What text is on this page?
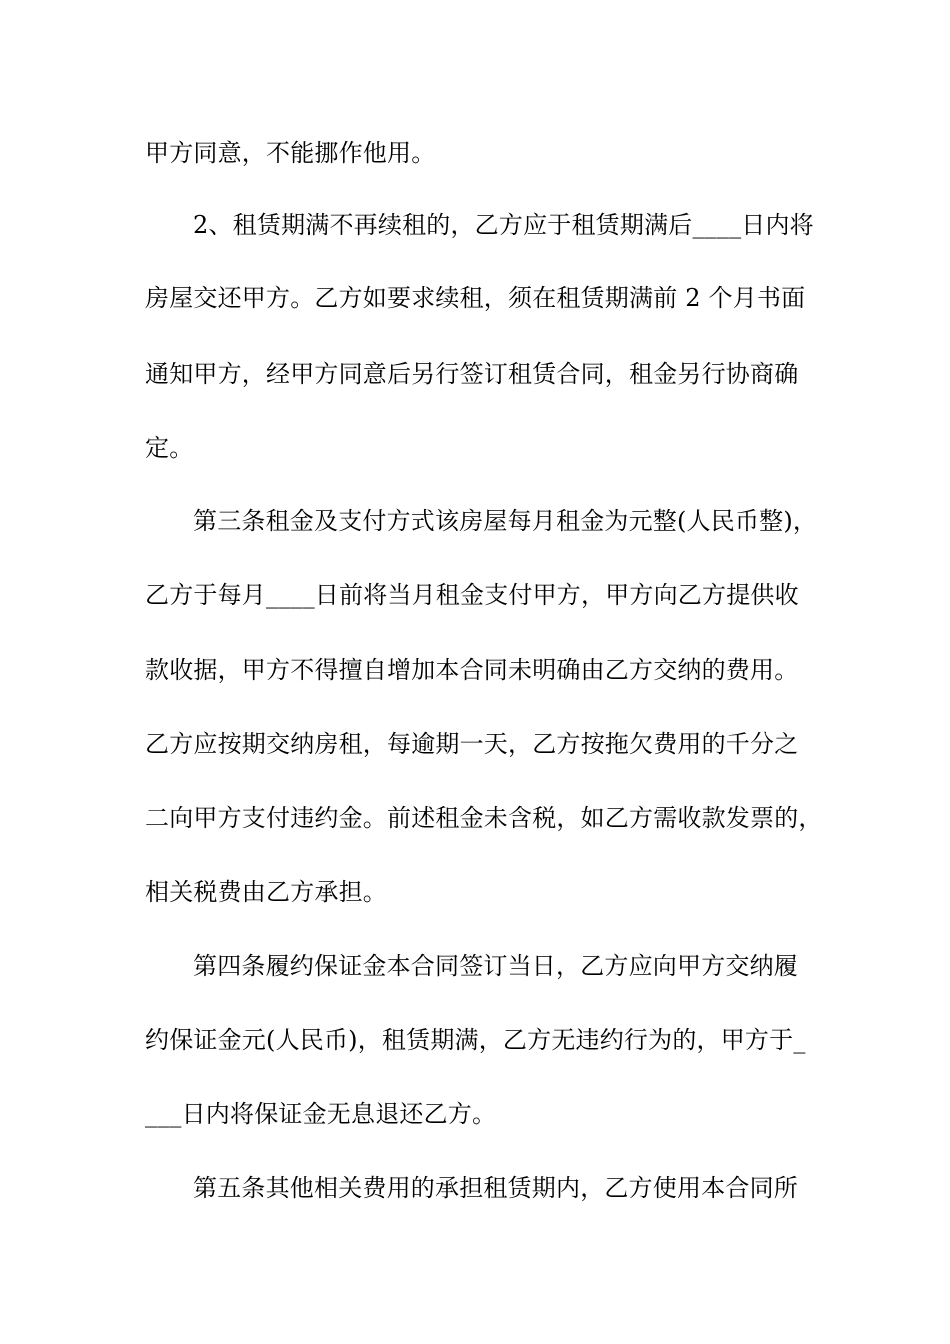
甲方同意，不能挪作他用。
2、租赁期满不再续租的，乙方应于租赁期满后____日内将
房屋交还甲方。乙方如要求续租，须在租赁期满前 2 个月书面
通知甲方，经甲方同意后另行签订租赁合同，租金另行协商确
定。
第三条租金及支付方式该房屋每月租金为元整(人民币整)，
乙方于每月____日前将当月租金支付甲方，甲方向乙方提供收
款收据，甲方不得擅自增加本合同未明确由乙方交纳的费用。
乙方应按期交纳房租，每逾期一天，乙方按拖欠费用的千分之
二向甲方支付违约金。前述租金未含税，如乙方需收款发票的，
相关税费由乙方承担。
第四条履约保证金本合同签订当日，乙方应向甲方交纳履
约保证金元(人民币)，租赁期满，乙方无违约行为的，甲方于_
___日内将保证金无息退还乙方。
第五条其他相关费用的承担租赁期内，乙方使用本合同所
